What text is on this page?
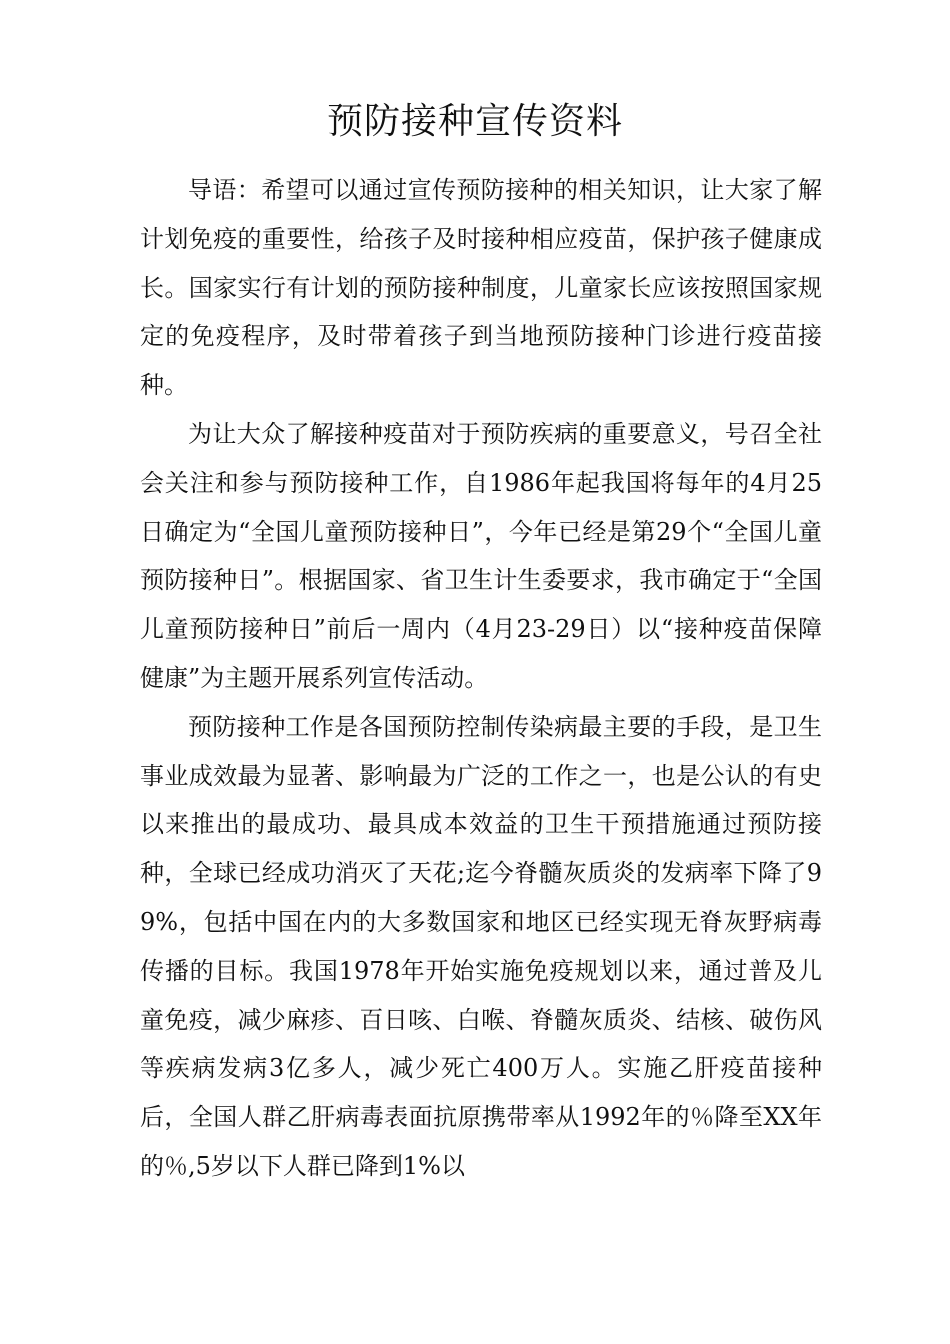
预防接种宣传资料

导语：希望可以通过宣传预防接种的相关知识，让大家了解计划免疫的重要性，给孩子及时接种相应疫苗，保护孩子健康成长。国家实行有计划的预防接种制度，儿童家长应该按照国家规定的免疫程序，及时带着孩子到当地预防接种门诊进行疫苗接种。

为让大众了解接种疫苗对于预防疾病的重要意义，号召全社会关注和参与预防接种工作，自1986年起我国将每年的4月25日确定为“全国儿童预防接种日”，今年已经是第29个“全国儿童预防接种日”。根据国家、省卫生计生委要求，我市确定于“全国儿童预防接种日”前后一周内（4月23-29日）以“接种疫苗保障健康”为主题开展系列宣传活动。

预防接种工作是各国预防控制传染病最主要的手段，是卫生事业成效最为显著、影响最为广泛的工作之一，也是公认的有史以来推出的最成功、最具成本效益的卫生干预措施通过预防接种，全球已经成功消灭了天花;迄今脊髓灰质炎的发病率下降了99%，包括中国在内的大多数国家和地区已经实现无脊灰野病毒传播的目标。我国1978年开始实施免疫规划以来，通过普及儿童免疫，减少麻疹、百日咳、白喉、脊髓灰质炎、结核、破伤风等疾病发病3亿多人，减少死亡400万人。实施乙肝疫苗接种后，全国人群乙肝病毒表面抗原携带率从1992年的％降至XX年的％,5岁以下人群已降到1%以
